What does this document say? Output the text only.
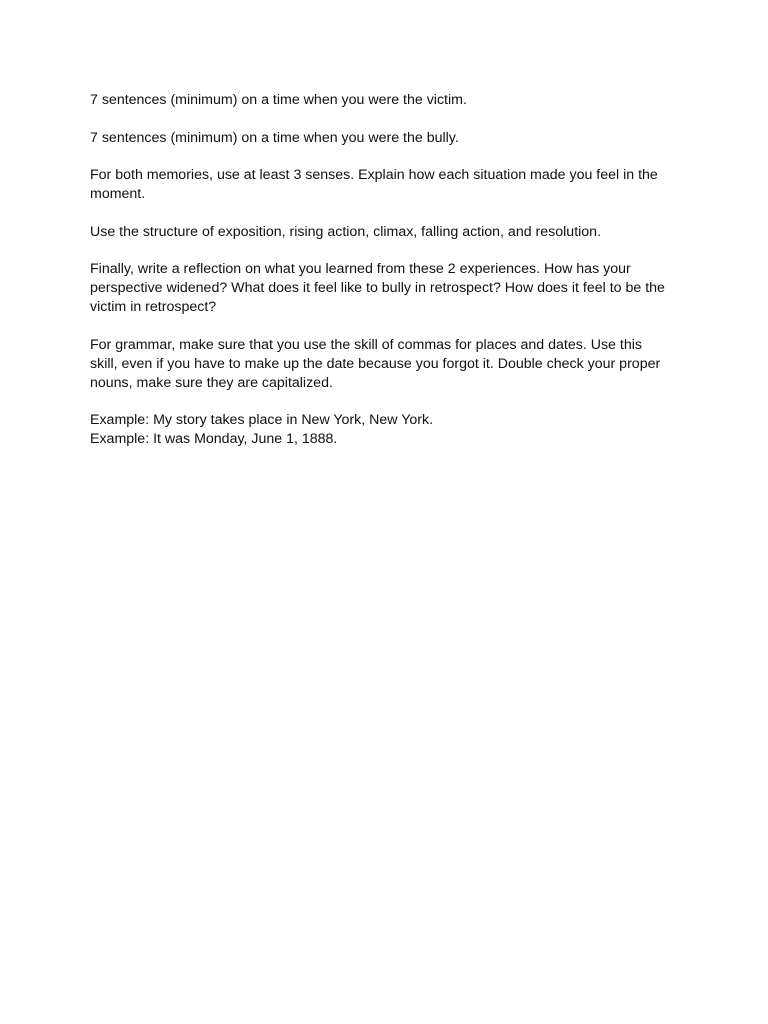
7 sentences (minimum) on a time when you were the victim.

7 sentences (minimum) on a time when you were the bully.

For both memories, use at least 3 senses. Explain how each situation made you feel in the moment.

Use the structure of exposition, rising action, climax, falling action, and resolution.

Finally, write a reflection on what you learned from these 2 experiences. How has your perspective widened? What does it feel like to bully in retrospect? How does it feel to be the victim in retrospect?

For grammar, make sure that you use the skill of commas for places and dates. Use this skill, even if you have to make up the date because you forgot it. Double check your proper nouns, make sure they are capitalized.

Example: My story takes place in New York, New York.

Example: It was Monday, June 1, 1888.
